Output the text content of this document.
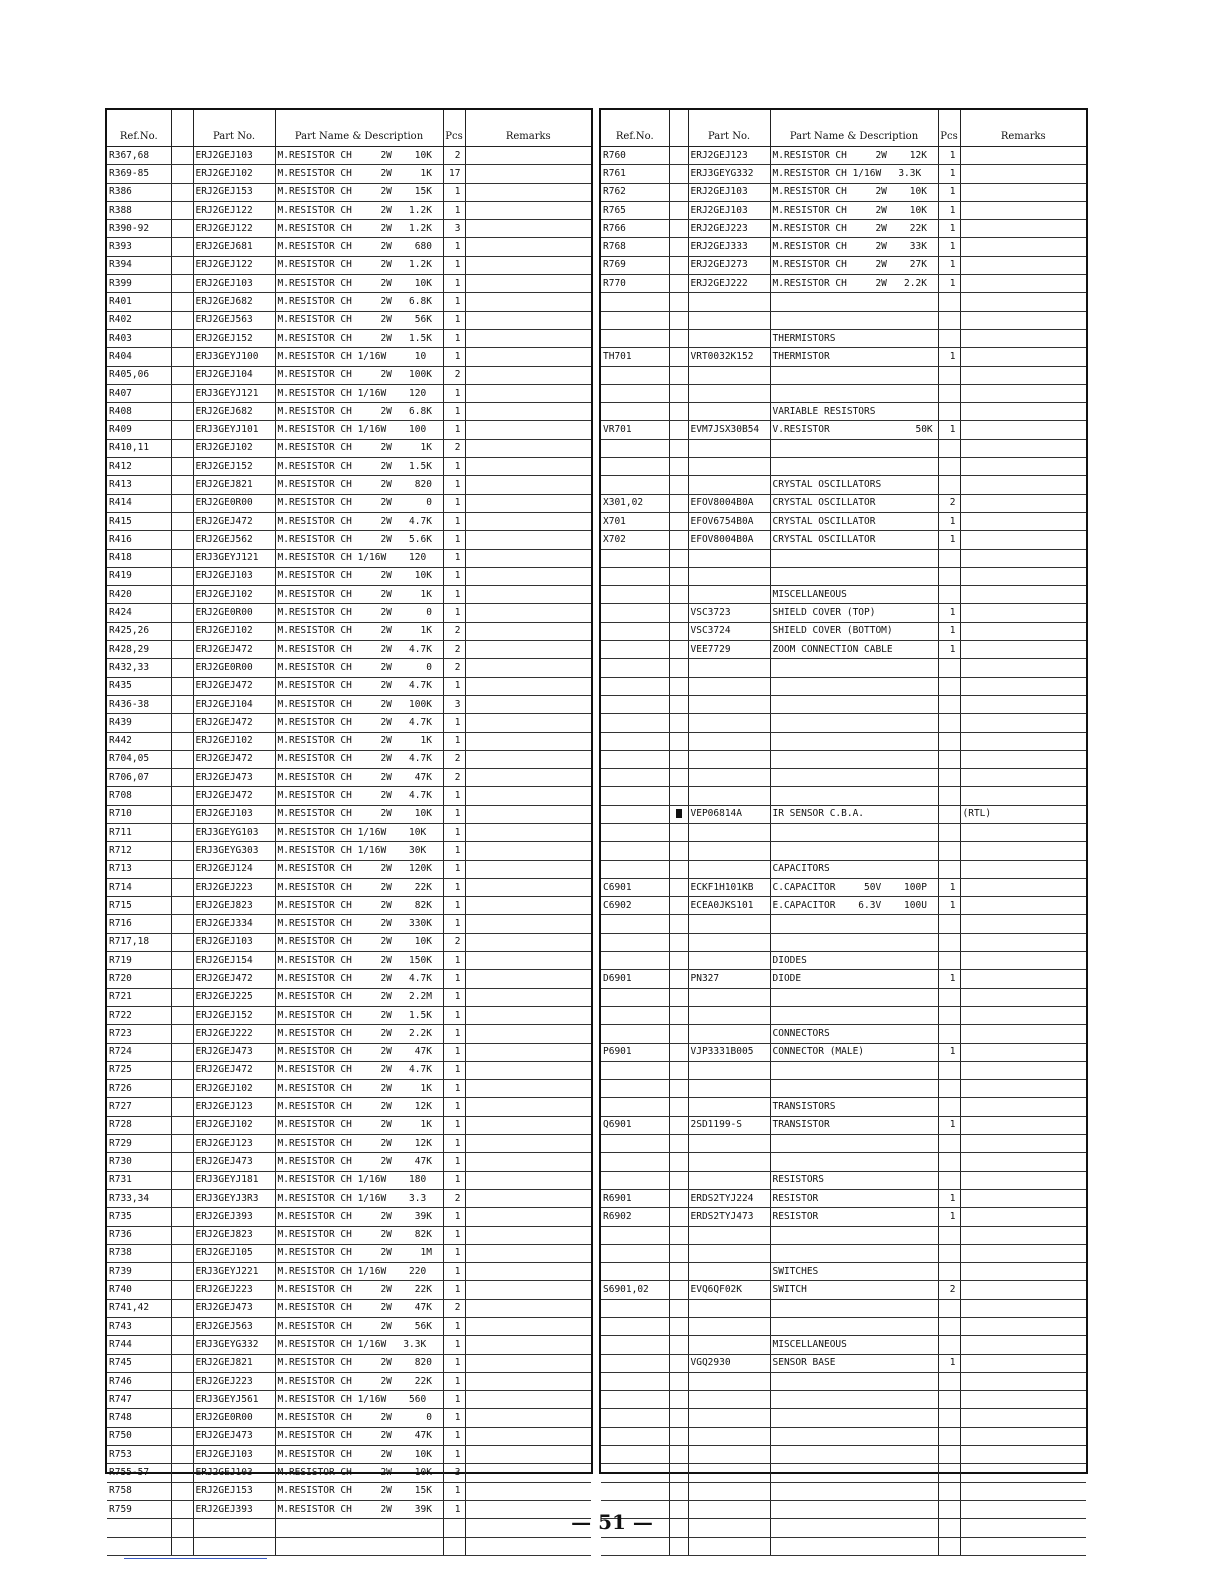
Ref.No.		Part No.	Part Name & Description	Pcs	Remarks
R367,68		ERJ2GEJ103	M.RESISTOR CH     2W    10K	2	
R369-85		ERJ2GEJ102	M.RESISTOR CH     2W     1K	17	
R386		ERJ2GEJ153	M.RESISTOR CH     2W    15K	1	
R388		ERJ2GEJ122	M.RESISTOR CH     2W   1.2K	1	
R390-92		ERJ2GEJ122	M.RESISTOR CH     2W   1.2K	3	
R393		ERJ2GEJ681	M.RESISTOR CH     2W    680	1	
R394		ERJ2GEJ122	M.RESISTOR CH     2W   1.2K	1	
R399		ERJ2GEJ103	M.RESISTOR CH     2W    10K	1	
R401		ERJ2GEJ682	M.RESISTOR CH     2W   6.8K	1	
R402		ERJ2GEJ563	M.RESISTOR CH     2W    56K	1	
R403		ERJ2GEJ152	M.RESISTOR CH     2W   1.5K	1	
R404		ERJ3GEYJ100	M.RESISTOR CH 1/16W     10	1	
R405,06		ERJ2GEJ104	M.RESISTOR CH     2W   100K	2	
R407		ERJ3GEYJ121	M.RESISTOR CH 1/16W    120	1	
R408		ERJ2GEJ682	M.RESISTOR CH     2W   6.8K	1	
R409		ERJ3GEYJ101	M.RESISTOR CH 1/16W    100	1	
R410,11		ERJ2GEJ102	M.RESISTOR CH     2W     1K	2	
R412		ERJ2GEJ152	M.RESISTOR CH     2W   1.5K	1	
R413		ERJ2GEJ821	M.RESISTOR CH     2W    820	1	
R414		ERJ2GE0R00	M.RESISTOR CH     2W      0	1	
R415		ERJ2GEJ472	M.RESISTOR CH     2W   4.7K	1	
R416		ERJ2GEJ562	M.RESISTOR CH     2W   5.6K	1	
R418		ERJ3GEYJ121	M.RESISTOR CH 1/16W    120	1	
R419		ERJ2GEJ103	M.RESISTOR CH     2W    10K	1	
R420		ERJ2GEJ102	M.RESISTOR CH     2W     1K	1	
R424		ERJ2GE0R00	M.RESISTOR CH     2W      0	1	
R425,26		ERJ2GEJ102	M.RESISTOR CH     2W     1K	2	
R428,29		ERJ2GEJ472	M.RESISTOR CH     2W   4.7K	2	
R432,33		ERJ2GE0R00	M.RESISTOR CH     2W      0	2	
R435		ERJ2GEJ472	M.RESISTOR CH     2W   4.7K	1	
R436-38		ERJ2GEJ104	M.RESISTOR CH     2W   100K	3	
R439		ERJ2GEJ472	M.RESISTOR CH     2W   4.7K	1	
R442		ERJ2GEJ102	M.RESISTOR CH     2W     1K	1	
R704,05		ERJ2GEJ472	M.RESISTOR CH     2W   4.7K	2	
R706,07		ERJ2GEJ473	M.RESISTOR CH     2W    47K	2	
R708		ERJ2GEJ472	M.RESISTOR CH     2W   4.7K	1	
R710		ERJ2GEJ103	M.RESISTOR CH     2W    10K	1	
R711		ERJ3GEYG103	M.RESISTOR CH 1/16W    10K	1	
R712		ERJ3GEYG303	M.RESISTOR CH 1/16W    30K	1	
R713		ERJ2GEJ124	M.RESISTOR CH     2W   120K	1	
R714		ERJ2GEJ223	M.RESISTOR CH     2W    22K	1	
R715		ERJ2GEJ823	M.RESISTOR CH     2W    82K	1	
R716		ERJ2GEJ334	M.RESISTOR CH     2W   330K	1	
R717,18		ERJ2GEJ103	M.RESISTOR CH     2W    10K	2	
R719		ERJ2GEJ154	M.RESISTOR CH     2W   150K	1	
R720		ERJ2GEJ472	M.RESISTOR CH     2W   4.7K	1	
R721		ERJ2GEJ225	M.RESISTOR CH     2W   2.2M	1	
R722		ERJ2GEJ152	M.RESISTOR CH     2W   1.5K	1	
R723		ERJ2GEJ222	M.RESISTOR CH     2W   2.2K	1	
R724		ERJ2GEJ473	M.RESISTOR CH     2W    47K	1	
R725		ERJ2GEJ472	M.RESISTOR CH     2W   4.7K	1	
R726		ERJ2GEJ102	M.RESISTOR CH     2W     1K	1	
R727		ERJ2GEJ123	M.RESISTOR CH     2W    12K	1	
R728		ERJ2GEJ102	M.RESISTOR CH     2W     1K	1	
R729		ERJ2GEJ123	M.RESISTOR CH     2W    12K	1	
R730		ERJ2GEJ473	M.RESISTOR CH     2W    47K	1	
R731		ERJ3GEYJ181	M.RESISTOR CH 1/16W    180	1	
R733,34		ERJ3GEYJ3R3	M.RESISTOR CH 1/16W    3.3	2	
R735		ERJ2GEJ393	M.RESISTOR CH     2W    39K	1	
R736		ERJ2GEJ823	M.RESISTOR CH     2W    82K	1	
R738		ERJ2GEJ105	M.RESISTOR CH     2W     1M	1	
R739		ERJ3GEYJ221	M.RESISTOR CH 1/16W    220	1	
R740		ERJ2GEJ223	M.RESISTOR CH     2W    22K	1	
R741,42		ERJ2GEJ473	M.RESISTOR CH     2W    47K	2	
R743		ERJ2GEJ563	M.RESISTOR CH     2W    56K	1	
R744		ERJ3GEYG332	M.RESISTOR CH 1/16W   3.3K	1	
R745		ERJ2GEJ821	M.RESISTOR CH     2W    820	1	
R746		ERJ2GEJ223	M.RESISTOR CH     2W    22K	1	
R747		ERJ3GEYJ561	M.RESISTOR CH 1/16W    560	1	
R748		ERJ2GE0R00	M.RESISTOR CH     2W      0	1	
R750		ERJ2GEJ473	M.RESISTOR CH     2W    47K	1	
R753		ERJ2GEJ103	M.RESISTOR CH     2W    10K	1	
R755-57		ERJ2GEJ103	M.RESISTOR CH     2W    10K	3	
R758		ERJ2GEJ153	M.RESISTOR CH     2W    15K	1	
R759		ERJ2GEJ393	M.RESISTOR CH     2W    39K	1	

Ref.No.		Part No.	Part Name & Description	Pcs	Remarks
R760		ERJ2GEJ123	M.RESISTOR CH     2W    12K	1	
R761		ERJ3GEYG332	M.RESISTOR CH 1/16W   3.3K	1	
R762		ERJ2GEJ103	M.RESISTOR CH     2W    10K	1	
R765		ERJ2GEJ103	M.RESISTOR CH     2W    10K	1	
R766		ERJ2GEJ223	M.RESISTOR CH     2W    22K	1	
R768		ERJ2GEJ333	M.RESISTOR CH     2W    33K	1	
R769		ERJ2GEJ273	M.RESISTOR CH     2W    27K	1	
R770		ERJ2GEJ222	M.RESISTOR CH     2W   2.2K	1	

			THERMISTORS		
TH701		VRT0032K152	THERMISTOR	1	

			VARIABLE RESISTORS		
VR701		EVM7JSX30B54	V.RESISTOR               50K	1	

			CRYSTAL OSCILLATORS		
X301,02		EFOV8004B0A	CRYSTAL OSCILLATOR	2	
X701		EFOV6754B0A	CRYSTAL OSCILLATOR	1	
X702		EFOV8004B0A	CRYSTAL OSCILLATOR	1	

			MISCELLANEOUS		
		VSC3723	SHIELD COVER (TOP)	1	
		VSC3724	SHIELD COVER (BOTTOM)	1	
		VEE7729	ZOOM CONNECTION CABLE	1	

		VEP06814A	IR SENSOR C.B.A.		(RTL)

			CAPACITORS		
C6901		ECKF1H101KB	C.CAPACITOR     50V    100P	1	
C6902		ECEA0JKS101	E.CAPACITOR    6.3V    100U	1	

			DIODES		
D6901		PN327	DIODE	1	

			CONNECTORS		
P6901		VJP3331B005	CONNECTOR (MALE)	1	

			TRANSISTORS		
Q6901		2SD1199-S	TRANSISTOR	1	

			RESISTORS		
R6901		ERDS2TYJ224	RESISTOR	1	
R6902		ERDS2TYJ473	RESISTOR	1	

			SWITCHES		
S6901,02		EVQ6QF02K	SWITCH	2	

			MISCELLANEOUS		
		VGQ2930	SENSOR BASE	1	

— 51 —
